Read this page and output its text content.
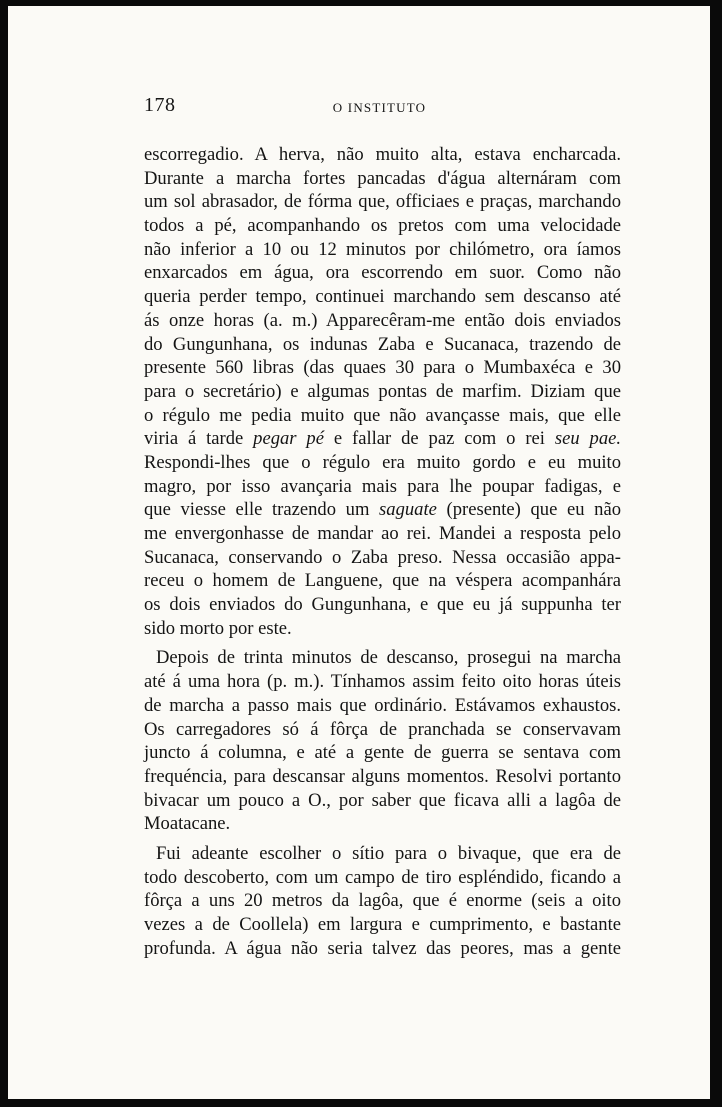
178	O INSTITUTO
escorregadio. A herva, não muito alta, estava encharcada.
Durante a marcha fortes pancadas d'água alternáram com
um sol abrasador, de fórma que, officiaes e praças, marchando
todos a pé, acompanhando os pretos com uma velocidade
não inferior a 10 ou 12 minutos por chilómetro, ora íamos
enxarcados em água, ora escorrendo em suor. Como não
queria perder tempo, continuei marchando sem descanso até
ás onze horas (a. m.) Apparecêram-me então dois enviados
do Gungunhana, os indunas Zaba e Sucanaca, trazendo de
presente 560 libras (das quaes 30 para o Mumbaxéca e 30
para o secretário) e algumas pontas de marfim. Diziam que
o régulo me pedia muito que não avançasse mais, que elle
viria á tarde pegar pé e fallar de paz com o rei seu pae.
Respondi-lhes que o régulo era muito gordo e eu muito
magro, por isso avançaria mais para lhe poupar fadigas, e
que viesse elle trazendo um saguate (presente) que eu não
me envergonhasse de mandar ao rei. Mandei a resposta pelo
Sucanaca, conservando o Zaba preso. Nessa occasião appa-
receu o homem de Languene, que na véspera acompanhára
os dois enviados do Gungunhana, e que eu já suppunha ter
sido morto por este.
Depois de trinta minutos de descanso, prosegui na marcha
até á uma hora (p. m.). Tínhamos assim feito oito horas úteis
de marcha a passo mais que ordinário. Estávamos exhaustos.
Os carregadores só á fôrça de pranchada se conservavam
juncto á columna, e até a gente de guerra se sentava com
frequéncia, para descansar alguns momentos. Resolvi portanto
bivacar um pouco a O., por saber que ficava alli a lagôa de
Moatacane.
Fui adeante escolher o sítio para o bivaque, que era de
todo descoberto, com um campo de tiro espléndido, ficando a
fôrça a uns 20 metros da lagôa, que é enorme (seis a oito
vezes a de Coollela) em largura e cumprimento, e bastante
profunda. A água não seria talvez das peores, mas a gente
